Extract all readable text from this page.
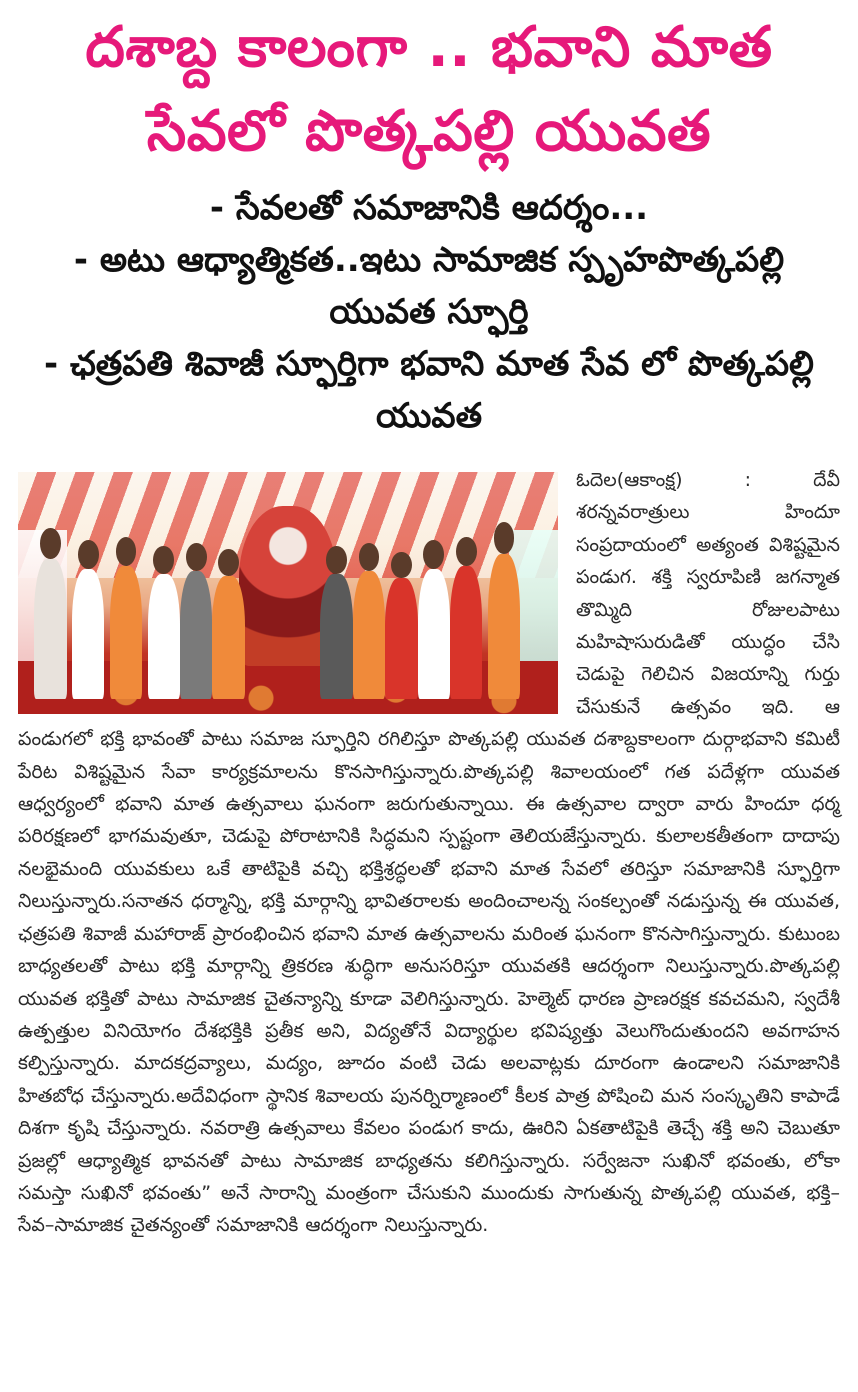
దశాబ్ద కాలంగా .. భవాని మాత
సేవలో పొత్కపల్లి యువత
- సేవలతో సమాజానికి ఆదర్శం...
- అటు ఆధ్యాత్మికత..ఇటు సామాజిక స్పృహపొత్కపల్లి యువత స్ఫూర్తి
- ఛత్రపతి శివాజీ స్ఫూర్తిగా భవాని మాత సేవ లో పొత్కపల్లి యువత

ఓదెల(ఆకాంక్ష) :	దేవీ శరన్నవరాత్రులు హిందూ సంప్రదాయంలో అత్యంత విశిష్టమైన పండుగ. శక్తి స్వరూపిణి జగన్మాత తొమ్మిది రోజులపాటు మహిషాసురుడితో యుద్ధం చేసి చెడుపై గెలిచిన విజయాన్ని గుర్తు చేసుకునే ఉత్సవం ఇది. ఆ పండుగలో భక్తి భావంతో పాటు సమాజ స్ఫూర్తిని రగిలిస్తూ పొత్కపల్లి యువత దశాబ్దకాలంగా దుర్గాభవాని కమిటీ పేరిట విశిష్టమైన సేవా కార్యక్రమాలను కొనసాగిస్తున్నారు.పొత్కపల్లి శివాలయంలో గత పదేళ్లగా యువత ఆధ్వర్యంలో భవాని మాత ఉత్సవాలు ఘనంగా జరుగుతున్నాయి. ఈ ఉత్సవాల ద్వారా వారు హిందూ ధర్మ పరిరక్షణలో భాగమవుతూ, చెడుపై పోరాటానికి సిద్ధమని స్పష్టంగా తెలియజేస్తున్నారు. కులాలకతీతంగా దాదాపు నలభైమంది యువకులు ఒకే తాటిపైకి వచ్చి భక్తిశ్రద్ధలతో భవాని మాత సేవలో తరిస్తూ సమాజానికి స్ఫూర్తిగా నిలుస్తున్నారు.సనాతన ధర్మాన్ని, భక్తి మార్గాన్ని భావితరాలకు అందించాలన్న సంకల్పంతో నడుస్తున్న ఈ యువత, ఛత్రపతి శివాజీ మహారాజ్ ప్రారంభించిన భవాని మాత ఉత్సవాలను మరింత ఘనంగా కొనసాగిస్తున్నారు. కుటుంబ బాధ్యతలతో పాటు భక్తి మార్గాన్ని త్రికరణ శుద్ధిగా అనుసరిస్తూ యువతకి ఆదర్శంగా నిలుస్తున్నారు.పొత్కపల్లి యువత భక్తితో పాటు సామాజిక చైతన్యాన్ని కూడా వెలిగిస్తున్నారు. హెల్మెట్ ధారణ ప్రాణరక్షక కవచమని, స్వదేశీ ఉత్పత్తుల వినియోగం దేశభక్తికి ప్రతీక అని, విద్యతోనే విద్యార్థుల భవిష్యత్తు వెలుగొందుతుందని అవగాహన కల్పిస్తున్నారు. మాదకద్రవ్యాలు, మద్యం, జూదం వంటి చెడు అలవాట్లకు దూరంగా ఉండాలని సమాజానికి హితబోధ చేస్తున్నారు.అదేవిధంగా స్థానిక శివాలయ పునర్నిర్మాణంలో కీలక పాత్ర పోషించి మన సంస్కృతిని కాపాడే దిశగా కృషి చేస్తున్నారు. నవరాత్రి ఉత్సవాలు కేవలం పండుగ కాదు, ఊరిని ఏకతాటిపైకి తెచ్చే శక్తి అని చెబుతూ ప్రజల్లో ఆధ్యాత్మిక భావనతో పాటు సామాజిక బాధ్యతను కలిగిస్తున్నారు. సర్వేజనా సుఖినో భవంతు, లోకా సమస్తా సుఖినో భవంతు” అనే సారాన్ని మంత్రంగా చేసుకుని ముందుకు సాగుతున్న పొత్కపల్లి యువత, భక్తి–సేవ–సామాజిక చైతన్యంతో సమాజానికి ఆదర్శంగా నిలుస్తున్నారు.
